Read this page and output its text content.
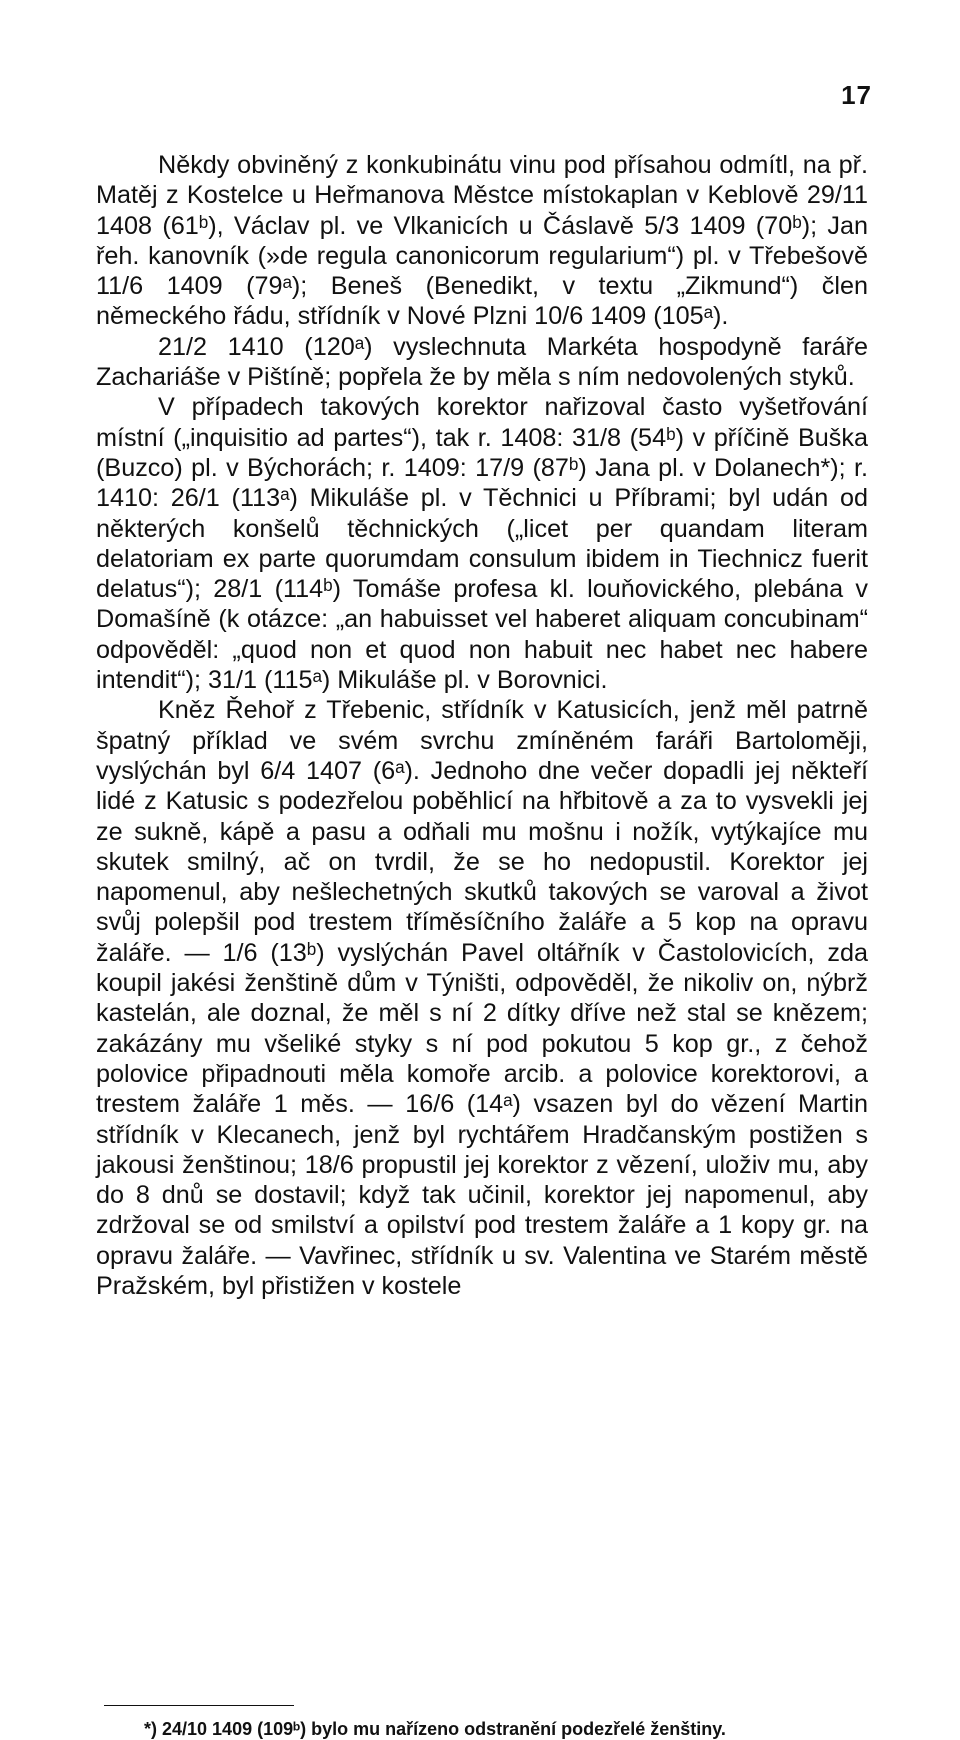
17

Někdy obviněný z konkubinátu vinu pod přísahou odmítl, na př. Matěj z Kostelce u Heřmanova Městce místokaplan v Keblově 29/11 1408 (61ᵇ), Václav pl. ve Vlkanicích u Čáslavě 5/3 1409 (70ᵇ); Jan řeh. kanovník (»de regula canonicorum regularium“) pl. v Třebešově 11/6 1409 (79ᵃ); Beneš (Benedikt, v textu „Zikmund“) člen německého řádu, střídník v Nové Plzni 10/6 1409 (105ᵃ).

21/2 1410 (120ᵃ) vyslechnuta Markéta hospodyně faráře Zachariáše v Pištíně; popřela že by měla s ním nedovolených styků.

V případech takových korektor nařizoval často vyšetřování místní („inquisitio ad partes“), tak r. 1408: 31/8 (54ᵇ) v příčině Buška (Buzco) pl. v Býchorách; r. 1409: 17/9 (87ᵇ) Jana pl. v Dolanech*); r. 1410: 26/1 (113ᵃ) Mikuláše pl. v Těchnici u Příbrami; byl udán od některých konšelů těchnických („licet per quandam literam delatoriam ex parte quorumdam consulum ibidem in Tiechnicz fuerit delatus“); 28/1 (114ᵇ) Tomáše profesa kl. louňovického, plebána v Domašíně (k otázce: „an habuisset vel haberet aliquam concubinam“ odpověděl: „quod non et quod non habuit nec habet nec habere intendit“); 31/1 (115ᵃ) Mikuláše pl. v Borovnici.

Kněz Řehoř z Třebenic, střídník v Katusicích, jenž měl patrně špatný příklad ve svém svrchu zmíněném faráři Bartoloměji, vyslýchán byl 6/4 1407 (6ᵃ). Jednoho dne večer dopadli jej někteří lidé z Katusic s podezřelou poběhlicí na hřbitově a za to vysvekli jej ze sukně, kápě a pasu a odňali mu mošnu i nožík, vytýkajíce mu skutek smilný, ač on tvrdil, že se ho nedopustil. Korektor jej napomenul, aby nešlechetných skutků takových se varoval a život svůj polepšil pod trestem tříměsíčního žaláře a 5 kop na opravu žaláře. — 1/6 (13ᵇ) vyslýchán Pavel oltářník v Častolovicích, zda koupil jakési ženštině dům v Týništi, odpověděl, že nikoliv on, nýbrž kastelán, ale doznal, že měl s ní 2 dítky dříve než stal se knězem; zakázány mu všeliké styky s ní pod pokutou 5 kop gr., z čehož polovice připadnouti měla komoře arcib. a polovice korektorovi, a trestem žaláře 1 měs. — 16/6 (14ᵃ) vsazen byl do vězení Martin střídník v Klecanech, jenž byl rychtářem Hradčanským postižen s jakousi ženštinou; 18/6 propustil jej korektor z vězení, uloživ mu, aby do 8 dnů se dostavil; když tak učinil, korektor jej napomenul, aby zdržoval se od smilství a opilství pod trestem žaláře a 1 kopy gr. na opravu žaláře. — Vavřinec, střídník u sv. Valentina ve Starém městě Pražském, byl přistižen v kostele

*) 24/10 1409 (109ᵇ) bylo mu nařízeno odstranění podezřelé ženštiny.
